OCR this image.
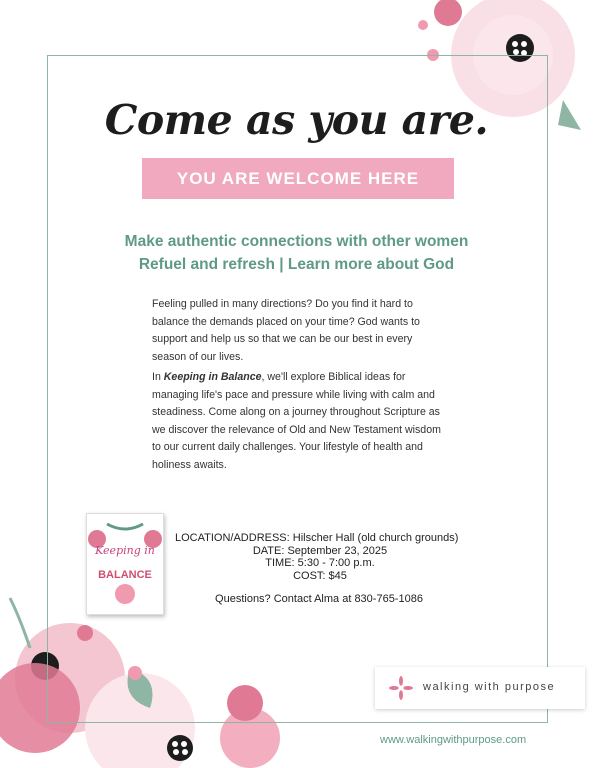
Come as you are.
YOU ARE WELCOME HERE
Make authentic connections with other women
Refuel and refresh | Learn more about God
Feeling pulled in many directions? Do you find it hard to balance the demands placed on your time? God wants to support and help us so that we can be our best in every season of our lives.
In Keeping in Balance, we'll explore Biblical ideas for managing life's pace and pressure while living with calm and steadiness. Come along on a journey throughout Scripture as we discover the relevance of Old and New Testament wisdom to our current daily challenges. Your lifestyle of health and holiness awaits.
Keeping in
BALANCE
LOCATION/ADDRESS: Hilscher Hall (old church grounds)
DATE: September 23, 2025
TIME: 5:30 - 7:00 p.m.
COST: $45
Questions? Contact Alma at 830-765-1086
walking with purpose
www.walkingwithpurpose.com
